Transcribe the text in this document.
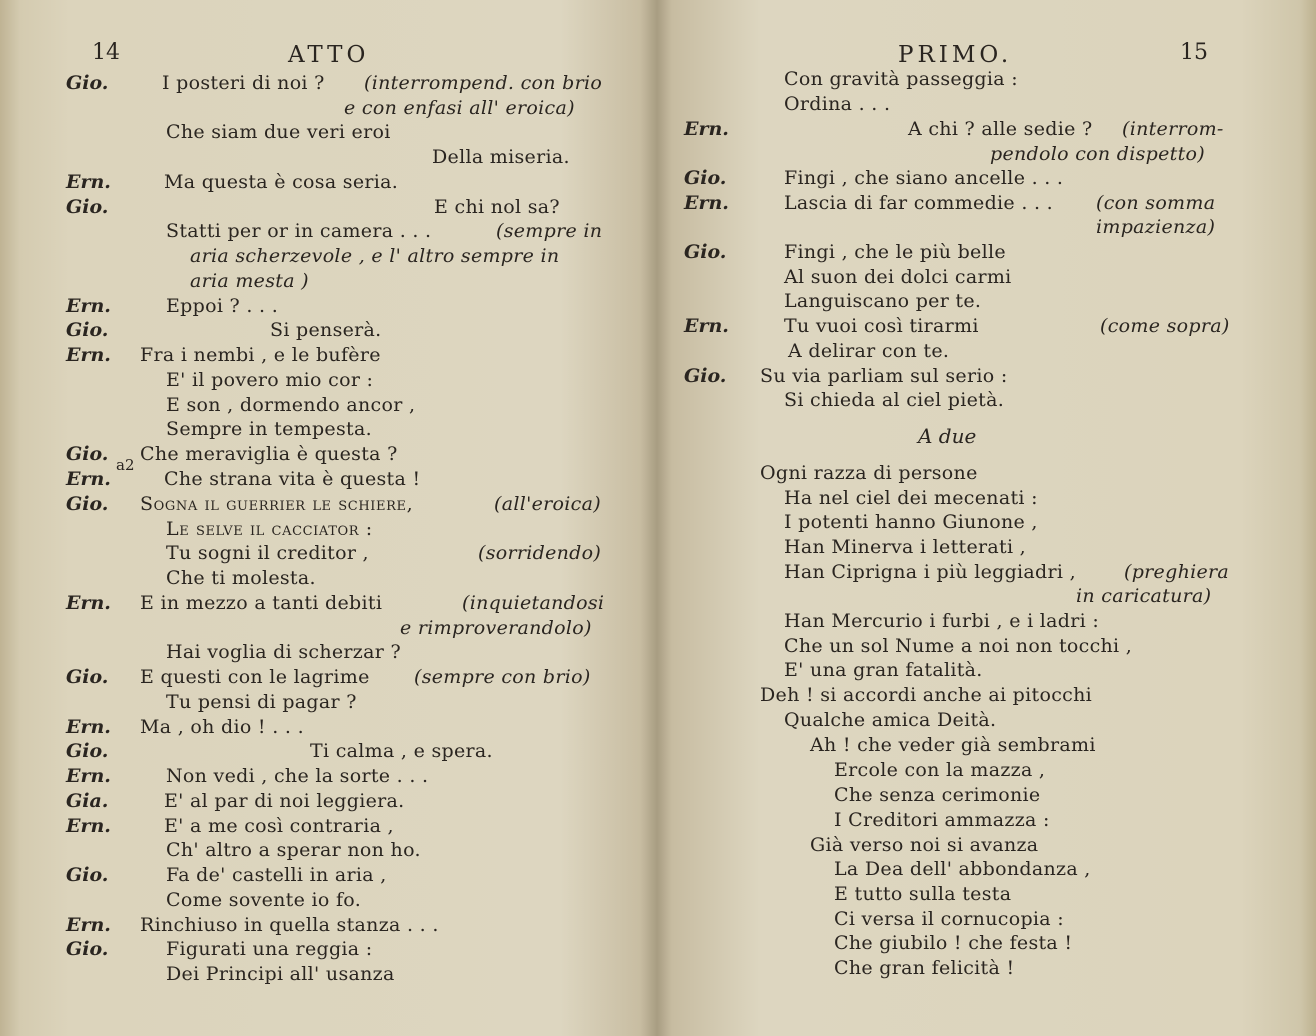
14	ATTO
Gio.	I posteri di noi ? (interrompend. con brio
e con enfasi all' eroica)
Che siam due veri eroi
Della miseria.
Ern.	Ma questa è cosa seria.
Gio.	E chi nol sa?
Statti per or in camera . . .	(sempre in
aria scherzevole , e l' altro sempre in
aria mesta )
Ern.	Eppoi ? . . .
Gio.	Si penserà.
Ern. Fra i nembi , e le bufère
E' il povero mio cor :
E son , dormendo ancor ,
Sempre in tempesta.
Gio. a2 Che meraviglia è questa ?
Ern.	Che strana vita è questa !
Gio. Sogna il guerrier le schiere,	(all'eroica)
Le selve il cacciator :
Tu sogni il creditor ,	(sorridendo)
Che ti molesta.
Ern. E in mezzo a tanti debiti	(inquietandosi
e rimproverandolo)
Hai voglia di scherzar ?
Gio. E questi con le lagrime (sempre con brio)
Tu pensi di pagar ?
Ern. Ma , oh dio ! . . .
Gio.	Ti calma , e spera.
Ern.	Non vedi , che la sorte . . .
Gia.	E' al par di noi leggiera.
Ern.	E' a me così contraria ,
Ch' altro a sperar non ho.
Gio.	Fa de' castelli in aria ,
Come sovente io fo.
Ern. Rinchiuso in quella stanza . . .
Gio.	Figurati una reggia :
Dei Principi all' usanza
PRIMO.	15
Con gravità passeggia :
Ordina . . .
Ern.	A chi ? alle sedie ? (interrom-
pendolo con dispetto)
Gio.	Fingi , che siano ancelle . . .
Ern.	Lascia di far commedie . . . (con somma
impazienza)
Gio.	Fingi , che le più belle
Al suon dei dolci carmi
Languiscano per te.
Ern.	Tu vuoi così tirarmi	(come sopra)
A delirar con te.
Gio. Su via parliam sul serio :
Si chieda al ciel pietà.
A due
Ogni razza di persone
Ha nel ciel dei mecenati :
I potenti hanno Giunone ,
Han Minerva i letterati ,
Han Ciprigna i più leggiadri ,	(preghiera
in caricatura)
Han Mercurio i furbi , e i ladri :
Che un sol Nume a noi non tocchi ,
E' una gran fatalità.
Deh ! si accordi anche ai pitocchi
Qualche amica Deità.
Ah ! che veder già sembrami
Ercole con la mazza ,
Che senza cerimonie
I Creditori ammazza :
Già verso noi si avanza
La Dea dell' abbondanza ,
E tutto sulla testa
Ci versa il cornucopia :
Che giubilo ! che festa !
Che gran felicità !
